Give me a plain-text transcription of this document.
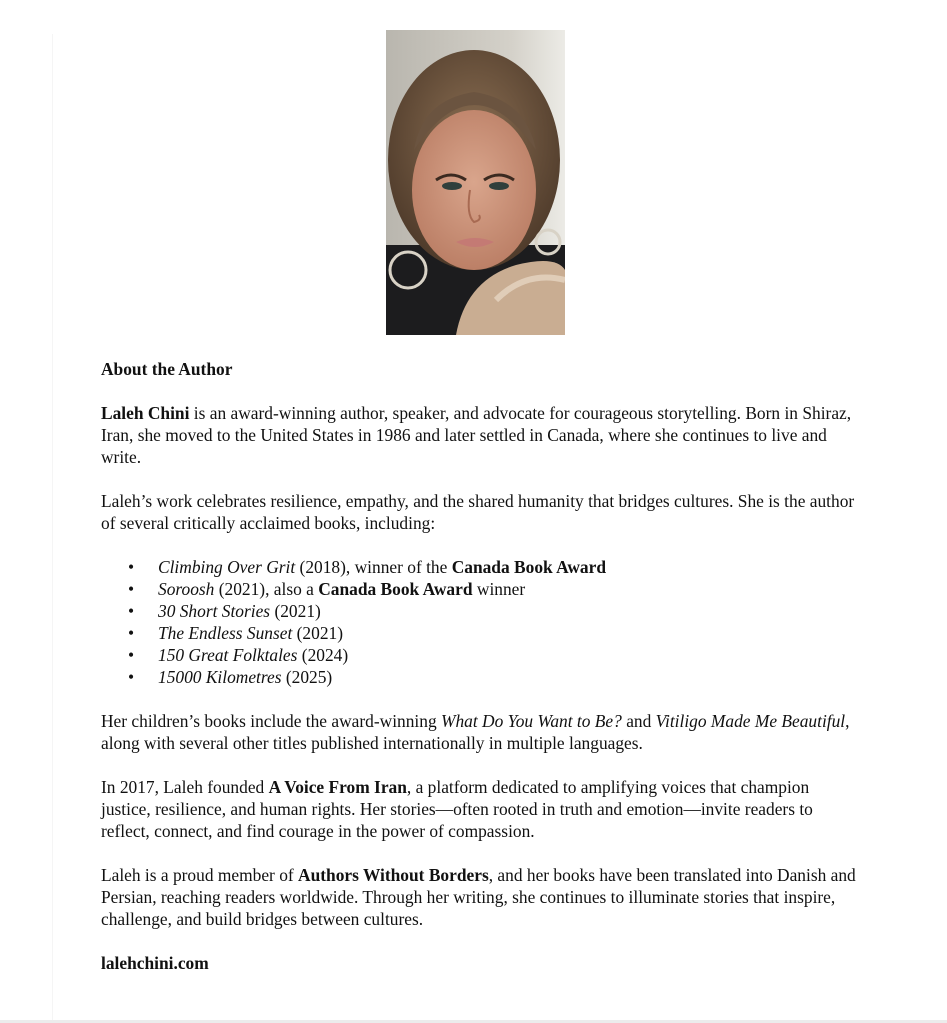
About the Author

Laleh Chini is an award-winning author, speaker, and advocate for courageous storytelling. Born in Shiraz, Iran, she moved to the United States in 1986 and later settled in Canada, where she continues to live and write.

Laleh’s work celebrates resilience, empathy, and the shared humanity that bridges cultures. She is the author of several critically acclaimed books, including:

• Climbing Over Grit (2018), winner of the Canada Book Award
• Soroosh (2021), also a Canada Book Award winner
• 30 Short Stories (2021)
• The Endless Sunset (2021)
• 150 Great Folktales (2024)
• 15000 Kilometres (2025)

Her children’s books include the award-winning What Do You Want to Be? and Vitiligo Made Me Beautiful, along with several other titles published internationally in multiple languages.

In 2017, Laleh founded A Voice From Iran, a platform dedicated to amplifying voices that champion justice, resilience, and human rights. Her stories—often rooted in truth and emotion—invite readers to reflect, connect, and find courage in the power of compassion.

Laleh is a proud member of Authors Without Borders, and her books have been translated into Danish and Persian, reaching readers worldwide. Through her writing, she continues to illuminate stories that inspire, challenge, and build bridges between cultures.

lalehchini.com
